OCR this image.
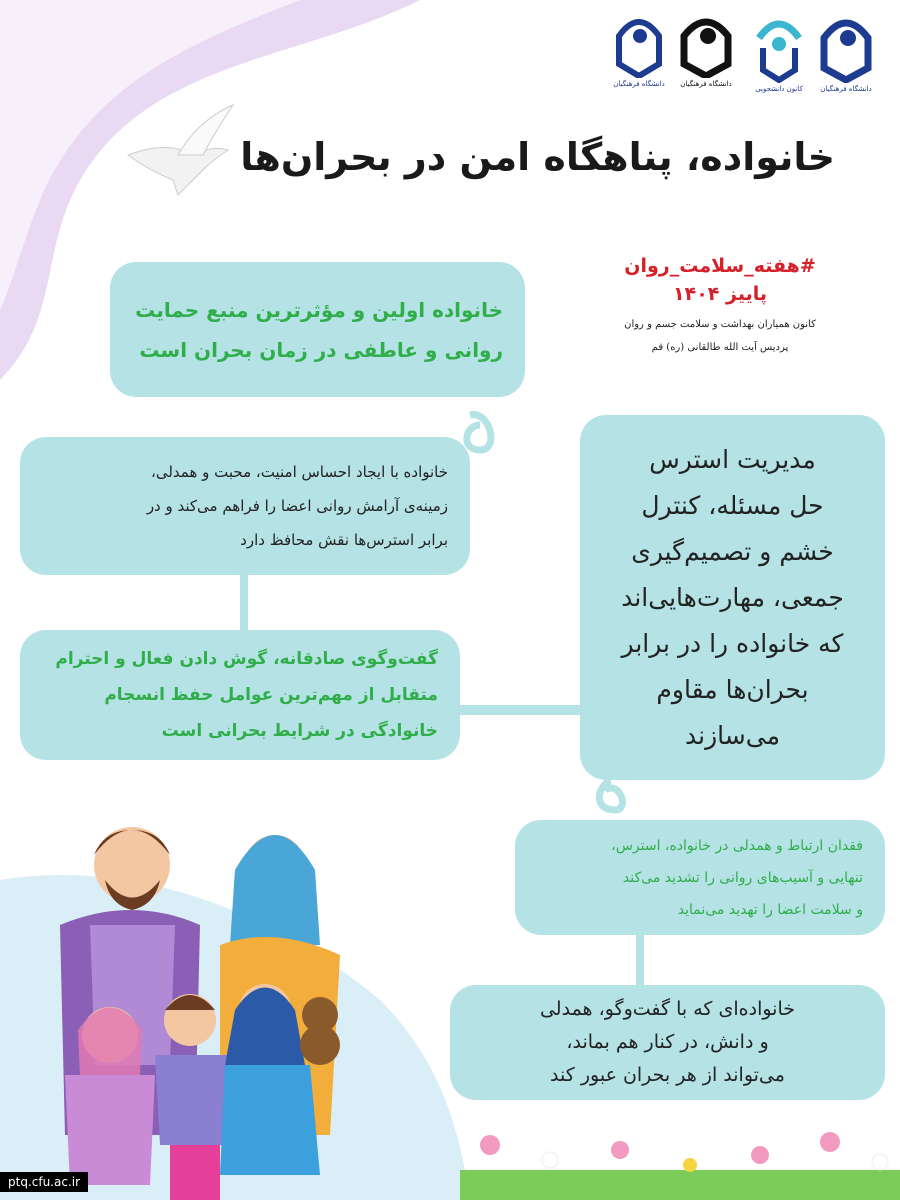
دانشگاه فرهنگیان
کانون دانشجویی
دانشگاه فرهنگیان
دانشگاه فرهنگیان
خانواده، پناهگاه امن در بحران‌ها
#هفته_سلامت_روان
پاییز ۱۴۰۴
کانون همیاران بهداشت و سلامت جسم و روان
پردیس آیت الله طالقانی (ره) قم
خانواده اولین و مؤثرترین منبع حمایت
روانی و عاطفی در زمان بحران است
خانواده با ایجاد احساس امنیت، محبت و همدلی،
زمینه‌ی آرامش روانی اعضا را فراهم می‌کند و در
برابر استرس‌ها نقش محافظ دارد
گفت‌وگوی صادقانه، گوش دادن فعال و احترام
متقابل از مهم‌ترین عوامل حفظ انسجام
خانوادگی در شرایط بحرانی است
مدیریت استرس
حل مسئله، کنترل
خشم و تصمیم‌گیری
جمعی، مهارت‌هایی‌اند
که خانواده را در برابر
بحران‌ها مقاوم
می‌سازند
فقدان ارتباط و همدلی در خانواده، استرس،
تنهایی و آسیب‌های روانی را تشدید می‌کند
و سلامت اعضا را تهدید می‌نماید
خانواده‌ای که با گفت‌وگو، همدلی
و دانش، در کنار هم بماند،
می‌تواند از هر بحران عبور کند
ptq.cfu.ac.ir
